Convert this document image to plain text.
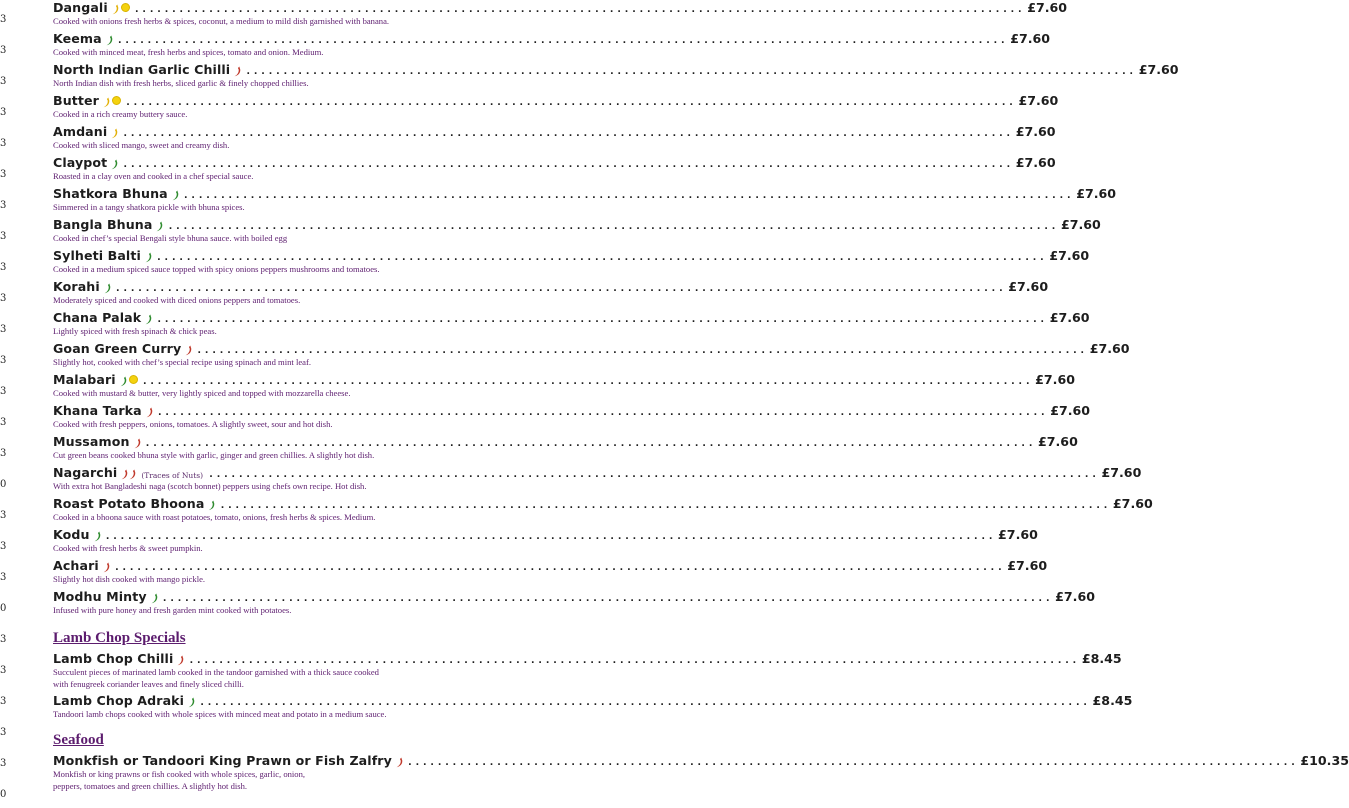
3
3
3
3
3
3
3
3
3
3
3
3
3
3
3
0
3
3
3
0
3
3
3
3
3
0
Dangali	........................................................................................................................ £7.60
Cooked with onions fresh herbs & spices, coconut, a medium to mild dish garnished with banana.
Keema ........................................................................................................................ £7.60
Cooked with minced meat, fresh herbs and spices, tomato and onion. Medium.
North Indian Garlic Chilli ........................................................................................................................ £7.60
North Indian dish with fresh herbs, sliced garlic & finely chopped chillies.
Butter	........................................................................................................................ £7.60
Cooked in a rich creamy buttery sauce.
Amdani ........................................................................................................................ £7.60
Cooked with sliced mango, sweet and creamy dish.
Claypot ........................................................................................................................ £7.60
Roasted in a clay oven and cooked in a chef special sauce.
Shatkora Bhuna ........................................................................................................................ £7.60
Simmered in a tangy shatkora pickle with bhuna spices.
Bangla Bhuna ........................................................................................................................ £7.60
Cooked in chef’s special Bengali style bhuna sauce. with boiled egg
Sylheti Balti ........................................................................................................................ £7.60
Cooked in a medium spiced sauce topped with spicy onions peppers mushrooms and tomatoes.
Korahi ........................................................................................................................ £7.60
Moderately spiced and cooked with diced onions peppers and tomatoes.
Chana Palak ........................................................................................................................ £7.60
Lightly spiced with fresh spinach & chick peas.
Goan Green Curry ........................................................................................................................ £7.60
Slightly hot, cooked with chef’s special recipe using spinach and mint leaf.
Malabari	........................................................................................................................ £7.60
Cooked with mustard & butter, very lightly spiced and topped with mozzarella cheese.
Khana Tarka ........................................................................................................................ £7.60
Cooked with fresh peppers, onions, tomatoes. A slightly sweet, sour and hot dish.
Mussamon ........................................................................................................................ £7.60
Cut green beans cooked bhuna style with garlic, ginger and green chillies. A slightly hot dish.
Nagarchi	(Traces of Nuts) ........................................................................................................................ £7.60
With extra hot Bangladeshi naga (scotch bonnet) peppers using chefs own recipe. Hot dish.
Roast Potato Bhoona ........................................................................................................................ £7.60
Cooked in a bhoona sauce with roast potatoes, tomato, onions, fresh herbs & spices. Medium.
Kodu ........................................................................................................................ £7.60
Cooked with fresh herbs & sweet pumpkin.
Achari ........................................................................................................................ £7.60
Slightly hot dish cooked with mango pickle.
Modhu Minty ........................................................................................................................ £7.60
Infused with pure honey and fresh garden mint cooked with potatoes.
Lamb Chop Specials
Lamb Chop Chilli ........................................................................................................................ £8.45
Succulent pieces of marinated lamb cooked in the tandoor garnished with a thick sauce cooked
with fenugreek coriander leaves and finely sliced chilli.
Lamb Chop Adraki ........................................................................................................................ £8.45
Tandoori lamb chops cooked with whole spices with minced meat and potato in a medium sauce.
Seafood
Monkfish or Tandoori King Prawn or Fish Zalfry ........................................................................................................................ £10.35
Monkfish or king prawns or fish cooked with whole spices, garlic, onion,
peppers, tomatoes and green chillies. A slightly hot dish.
